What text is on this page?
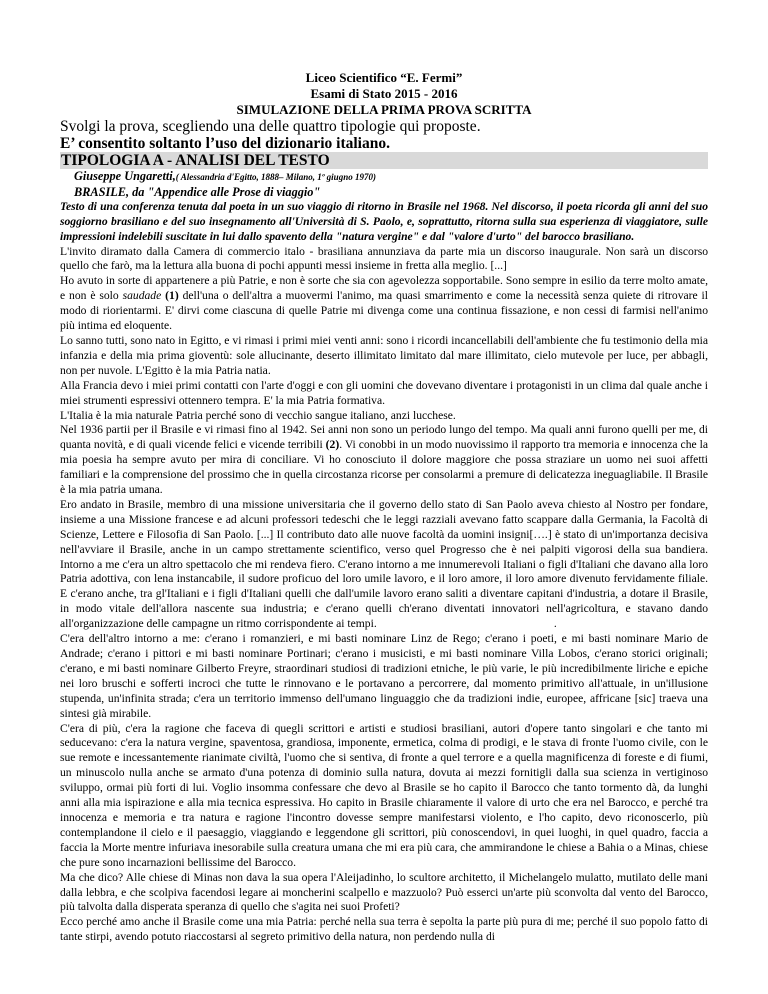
Liceo Scientifico “E. Fermi”
Esami di Stato 2015 - 2016
SIMULAZIONE DELLA PRIMA PROVA SCRITTA
Svolgi la prova, scegliendo una delle quattro tipologie qui proposte.
E’ consentito soltanto l’uso del dizionario italiano.
TIPOLOGIA A - ANALISI DEL TESTO
Giuseppe Ungaretti,( Alessandria d'Egitto, 1888– Milano, 1º giugno 1970)
BRASILE, da "Appendice alle Prose di viaggio"
Testo di una conferenza tenuta dal poeta in un suo viaggio di ritorno in Brasile nel 1968. Nel discorso, il poeta ricorda gli anni del suo soggiorno brasiliano e del suo insegnamento all'Università di S. Paolo, e, soprattutto, ritorna sulla sua esperienza di viaggiatore, sulle impressioni indelebili suscitate in lui dallo spavento della "natura vergine" e dal "valore d'urto" del barocco brasiliano.

L'invito diramato dalla Camera di commercio italo - brasiliana annunziava da parte mia un discorso inaugurale. Non sarà un discorso quello che farò, ma la lettura alla buona di pochi appunti messi insieme in fretta alla meglio. [...]

Ho avuto in sorte di appartenere a più Patrie, e non è sorte che sia con agevolezza sopportabile. Sono sempre in esilio da terre molto amate, e non è solo saudade (1) dell'una o dell'altra a muovermi l'animo, ma quasi smarrimento e come la necessità senza quiete di ritrovare il modo di riorientarmi. E' dirvi come ciascuna di quelle Patrie mi divenga come una continua fissazione, e non cessi di farmisi nell'animo più intima ed eloquente.

Lo sanno tutti, sono nato in Egitto, e vi rimasi i primi miei venti anni: sono i ricordi incancellabili dell'ambiente che fu testimonio della mia infanzia e della mia prima gioventù: sole allucinante, deserto illimitato limitato dal mare illimitato, cielo mutevole per luce, per abbagli, non per nuvole. L'Egitto è la mia Patria natia.

Alla Francia devo i miei primi contatti con l'arte d'oggi e con gli uomini che dovevano diventare i protagonisti in un clima dal quale anche i miei strumenti espressivi ottennero tempra. E' la mia Patria formativa.

L'Italia è la mia naturale Patria perché sono di vecchio sangue italiano, anzi lucchese.

Nel 1936 partii per il Brasile e vi rimasi fino al 1942. Sei anni non sono un periodo lungo del tempo. Ma quali anni furono quelli per me, di quanta novità, e di quali vicende felici e vicende terribili (2). Vi conobbi in un modo nuovissimo il rapporto tra memoria e innocenza che la mia poesia ha sempre avuto per mira di conciliare. Vi ho conosciuto il dolore maggiore che possa straziare un uomo nei suoi affetti familiari e la comprensione del prossimo che in quella circostanza ricorse per consolarmi a premure di delicatezza ineguagliabile. Il Brasile è la mia patria umana.

Ero andato in Brasile, membro di una missione universitaria che il governo dello stato di San Paolo aveva chiesto al Nostro per fondare, insieme a una Missione francese e ad alcuni professori tedeschi che le leggi razziali avevano fatto scappare dalla Germania, la Facoltà di Scienze, Lettere e Filosofia di San Paolo. [...] Il contributo dato alle nuove facoltà da uomini insigni[….] è stato di un'importanza decisiva nell'avviare il Brasile, anche in un campo strettamente scientifico, verso quel Progresso che è nei palpiti vigorosi della sua bandiera. Intorno a me c'era un altro spettacolo che mi rendeva fiero. C'erano intorno a me innumerevoli Italiani o figli d'Italiani che davano alla loro Patria adottiva, con lena instancabile, il sudore proficuo del loro umile lavoro, e il loro amore, il loro amore divenuto fervidamente filiale. E c'erano anche, tra gl'Italiani e i figli d'Italiani quelli che dall'umile lavoro erano saliti a diventare capitani d'industria, a dotare il Brasile, in modo vitale dell'allora nascente sua industria; e c'erano quelli ch'erano diventati innovatori nell'agricoltura, e stavano dando all'organizzazione delle campagne un ritmo corrispondente ai tempi.	.

C'era dell'altro intorno a me: c'erano i romanzieri, e mi basti nominare Linz de Rego; c'erano i poeti, e mi basti nominare Mario de Andrade; c'erano i pittori e mi basti nominare Portinari; c'erano i musicisti, e mi basti nominare Villa Lobos, c'erano storici originali; c'erano, e mi basti nominare Gilberto Freyre, straordinari studiosi di tradizioni etniche, le più varie, le più incredibilmente liriche e epiche nei loro bruschi e sofferti incroci che tutte le rinnovano e le portavano a percorrere, dal momento primitivo all'attuale, in un'illusione stupenda, un'infinita strada; c'era un territorio immenso dell'umano linguaggio che da tradizioni indie, europee, affricane [sic] traeva una sintesi già mirabile.

C'era di più, c'era la ragione che faceva di quegli scrittori e artisti e studiosi brasiliani, autori d'opere tanto singolari e che tanto mi seducevano: c'era la natura vergine, spaventosa, grandiosa, imponente, ermetica, colma di prodigi, e le stava di fronte l'uomo civile, con le sue remote e incessantemente rianimate civiltà, l'uomo che si sentiva, di fronte a quel terrore e a quella magnificenza di foreste e di fiumi, un minuscolo nulla anche se armato d'una potenza di dominio sulla natura, dovuta ai mezzi fornitigli dalla sua scienza in vertiginoso sviluppo, ormai più forti di lui. Voglio insomma confessare che devo al Brasile se ho capito il Barocco che tanto tormento dà, da lunghi anni alla mia ispirazione e alla mia tecnica espressiva. Ho capito in Brasile chiaramente il valore di urto che era nel Barocco, e perché tra innocenza e memoria e tra natura e ragione l'incontro dovesse sempre manifestarsi violento, e l'ho capito, devo riconoscerlo, più contemplandone il cielo e il paesaggio, viaggiando e leggendone gli scrittori, più conoscendovi, in quei luoghi, in quel quadro, faccia a faccia la Morte mentre infuriava inesorabile sulla creatura umana che mi era più cara, che ammirandone le chiese a Bahia o a Minas, chiese che pure sono incarnazioni bellissime del Barocco.

Ma che dico? Alle chiese di Minas non dava la sua opera l'Aleijadinho, lo scultore architetto, il Michelangelo mulatto, mutilato delle mani dalla lebbra, e che scolpiva facendosi legare ai moncherini scalpello e mazzuolo? Può esserci un'arte più sconvolta dal vento del Barocco, più talvolta dalla disperata speranza di quello che s'agita nei suoi Profeti?

Ecco perché amo anche il Brasile come una mia Patria: perché nella sua terra è sepolta la parte più pura di me; perché il suo popolo fatto di tante stirpi, avendo potuto riaccostarsi al segreto primitivo della natura, non perdendo nulla di
